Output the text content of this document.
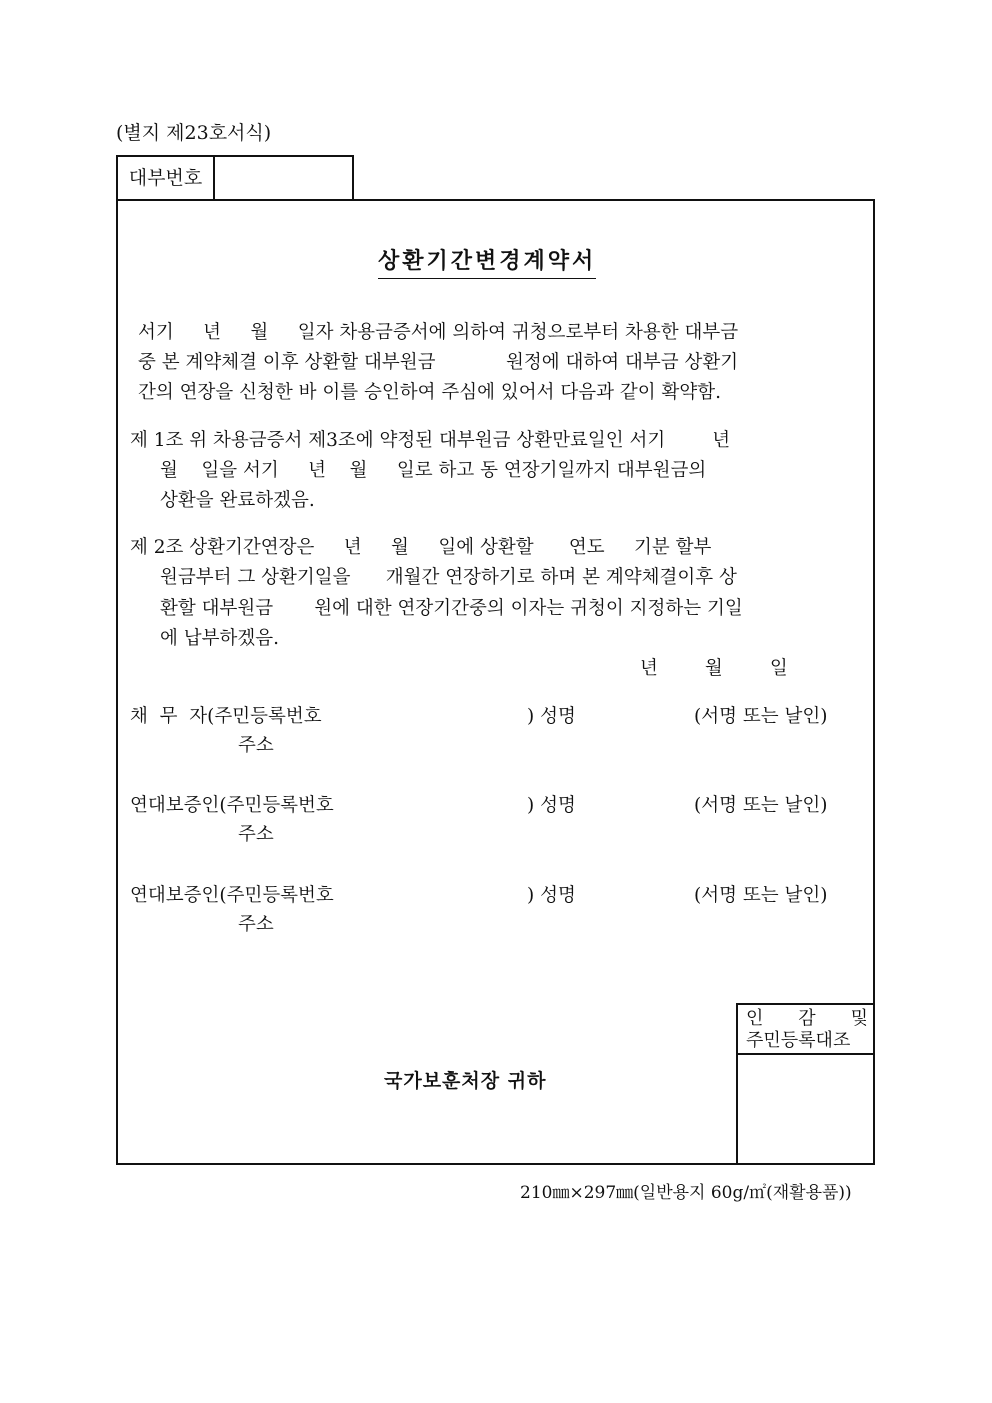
(별지 제23호서식)
대부번호
상환기간변경계약서
서기     년     월     일자 차용금증서에 의하여 귀청으로부터 차용한 대부금
중 본 계약체결 이후 상환할 대부원금            원정에 대하여 대부금 상환기
간의 연장을 신청한 바 이를 승인하여 주심에 있어서 다음과 같이 확약함.
제 1조 위 차용금증서 제3조에 약정된 대부원금 상환만료일인 서기        년
월    일을 서기     년    월     일로 하고 동 연장기일까지 대부원금의
상환을 완료하겠음.
제 2조 상환기간연장은     년     월     일에 상환할      연도     기분 할부
원금부터 그 상환기일을      개월간 연장하기로 하며 본 계약체결이후 상
환할 대부원금       원에 대한 연장기간중의 이자는 귀청이 지정하는 기일
에 납부하겠음.
년        월        일
채  무  자(주민등록번호	) 성명	(서명 또는 날인)
주소
연대보증인(주민등록번호	) 성명	(서명 또는 날인)
주소
연대보증인(주민등록번호	) 성명	(서명 또는 날인)
주소
인 감 및
주민등록대조
국가보훈처장 귀하
210㎜×297㎜(일반용지 60g/㎡(재활용품))
